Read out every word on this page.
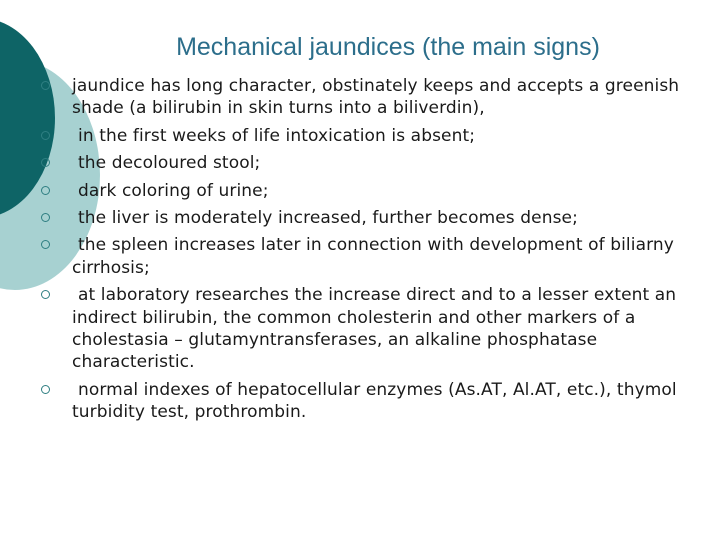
Mechanical jaundices (the main signs)
jaundice has long character, obstinately keeps and accepts a greenish shade (a bilirubin in skin turns into a biliverdin),
in the first weeks of life intoxication is absent;
the decoloured stool;
dark coloring of urine;
the liver is moderately increased, further becomes dense;
the spleen increases later in connection with development of biliarny cirrhosis;
at laboratory researches the increase direct and to a lesser extent an indirect bilirubin, the common cholesterin and other markers of a cholestasia – glutamyntransferases, an alkaline phosphatase characteristic.
normal indexes of hepatocellular enzymes (As.AT, Al.AT, etc.), thymol turbidity test, prothrombin.
